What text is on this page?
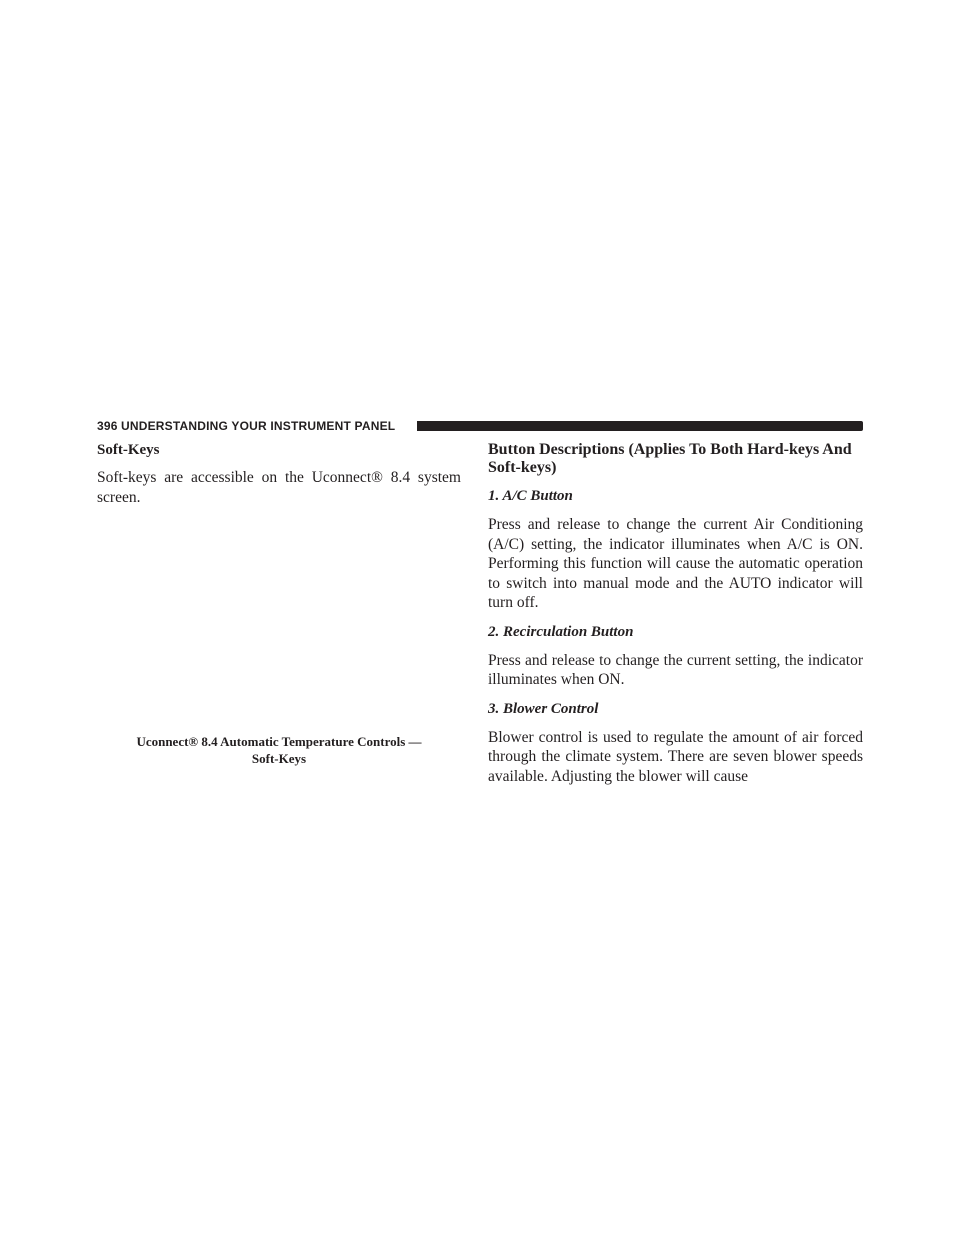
396 UNDERSTANDING YOUR INSTRUMENT PANEL
Soft-Keys

Soft-keys are accessible on the Uconnect® 8.4 system screen.

Uconnect® 8.4 Automatic Temperature Controls —
Soft-Keys
Button Descriptions (Applies To Both Hard-keys And Soft-keys)
1. A/C Button

Press and release to change the current Air Conditioning (A/C) setting, the indicator illuminates when A/C is ON. Performing this function will cause the automatic operation to switch into manual mode and the AUTO indicator will turn off.

2. Recirculation Button

Press and release to change the current setting, the indicator illuminates when ON.

3. Blower Control

Blower control is used to regulate the amount of air forced through the climate system. There are seven blower speeds available. Adjusting the blower will cause
